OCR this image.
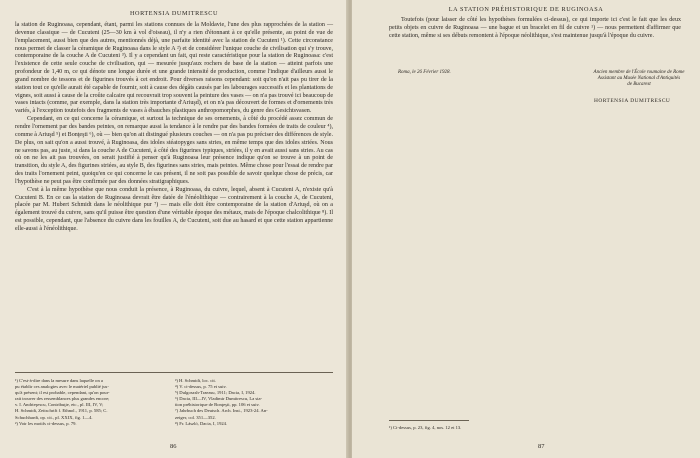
HORTENSIA DUMITRESCU

la station de Ruginoasa, cependant, étant, parmi les stations connues de la Moldavie, l'une des plus rapprochées de la station — devenue classique — de Cucuteni (25—30 km à vol d'oiseau), il n'y a rien d'étonnant à ce qu'elle présente, au point de vue de l'emplacement, aussi bien que des autres, mentionnés déjà, une parfaite identité avec la station de Cucuteni ¹). Cette circonstance nous permet de classer la céramique de Ruginoasa dans le style A ²) et de considérer l'unique couche de civilisation qui s'y trouve, contemporaine de la couche A de Cucuteni ³). Il y a cependant un fait, qui reste caractéristique pour la station de Ruginoasa: c'est l'existence de cette seule couche de civilisation, qui — mesurée jusqu'aux rochers de base de la station — atteint parfois une profondeur de 1,40 m, ce qui dénote une longue durée et une grande intensité de production, comme l'indique d'ailleurs aussi le grand nombre de tessons et de figurines trouvés à cet endroit. Pour diverses raisons cependant: soit qu'on n'ait pas pu tirer de la station tout ce qu'elle aurait été capable de fournir, soit à cause des dégâts causés par les labourages successifs et les plantations de vignes, soit aussi à cause de la croûte calcaire qui recouvrait trop souvent la peinture des vases — on n'a pas trouvé ici beaucoup de vases intacts (comme, par exemple, dans la station très importante d'Ariuşd), et on n'a pas découvert de formes et d'ornements très variés, à l'exception toutefois des fragments de vases à ébauches plastiques anthropomorphes, du genre des Gesichtsvasen.

Cependant, en ce qui concerne la céramique, et surtout la technique de ses ornements, à côté du procédé assez commun de rendre l'ornement par des bandes peintes, on remarque aussi la tendance à le rendre par des bandes formées de traits de couleur ⁴), comme à Ariuşd ⁵) et Bonţeşti ⁶), où — bien qu'on ait distingué plusieurs couches — on n'a pas pu préciser des différences de style. De plus, on sait qu'on a aussi trouvé, à Ruginoasa, des idoles stéatopyges sans stries, en même temps que des idoles striées. Nous ne savons pas, au juste, si dans la couche A de Cucuteni, à côté des figurines typiques, striées, il y en avait aussi sans stries. Au cas où on ne les ait pas trouvées, on serait justifié à penser qu'à Ruginoasa leur présence indique qu'on se trouve à un point de transition, du style A, des figurines striées, au style B, des figurines sans stries, mais peintes. Même chose pour l'essai de rendre par des traits l'ornement peint, quoiqu'en ce qui concerne le cas présent, il ne soit pas possible de savoir quelque chose de précis, car l'hypothèse ne peut pas être confirmée par des données stratigraphiques.

C'est à la même hypothèse que nous conduit la présence, à Ruginoasa, du cuivre, lequel, absent à Cucuteni A, n'existe qu'à Cucuteni B. En ce cas la station de Ruginoasa devrait être datée de l'énéolithique — contrairement à la couche A, de Cucuteni, placée par M. Hubert Schmidt dans le néolithique pur ⁷) — mais elle doit être contemporaine de la station d'Ariuşd, où on a également trouvé du cuivre, sans qu'il puisse être question d'une véritable époque des métaux, mais de l'époque chalcolithique ⁸). Il est possible, cependant, que l'absence du cuivre dans les fouilles A, de Cucuteni, soit due au hasard et que cette station appartienne elle-aussi à l'énéolithique.

¹) C'est-à-dire dans la mesure dans laquelle on a
pu établir ces analogies avec le matériel publié jus-
qu'à présent; il est probable, cependant, qu'on pour-
rait trouver des ressemblances plus grandes encore;
v. I. Andrieşescu, Contribuţie, etc., pl. III, IV, V;
H. Schmidt, Zeitschrift f. Ethnol., 1911, p. 585; C.
Schuchhardt, op. cit., pl. XXIX, fig. 1—4.
²) Voir les motifs ci-dessus, p. 79.
³) H. Schmidt, loc. cit.
⁴) V. ci-dessus, p. 75 et suiv.
⁵) Dulgoszsh-Traeasu, 1911; Dacia, I, 1924.
⁶) Dacia, III—IV, Vladimir Dumitrescu, La sta-
tion préhistorique de Bonţeşti, pp. 106 et suiv.
⁷) Jahrbuch des Deutsch. Arch. Inst., 1923-24. An-
zeiger, col. 351—352.
⁸) Fr. László, Dacia, I, 1924.
86
LA STATION PRÉHISTORIQUE DE RUGINOASA

Toutefois (pour laisser de côté les hypothèses formulées ci-dessus), ce qui importe ici c'est le fait que les deux petits objets en cuivre de Ruginoasa — une bague et un bracelet en fil de cuivre ¹) — nous permettent d'affirmer que cette station, même si ses débuts remontent à l'époque néolithique, s'est maintenue jusqu'à l'époque du cuivre.

Roma, le 26 Février 1928.	Ancien membre de l'École roumaine de Rome
Assistant au Musée National d'Antiquités
de Bucarest
HORTENSIA DUMITRESCU
¹) Ci-dessus, p. 23, fig. 4, nos. 12 et 13.
87
